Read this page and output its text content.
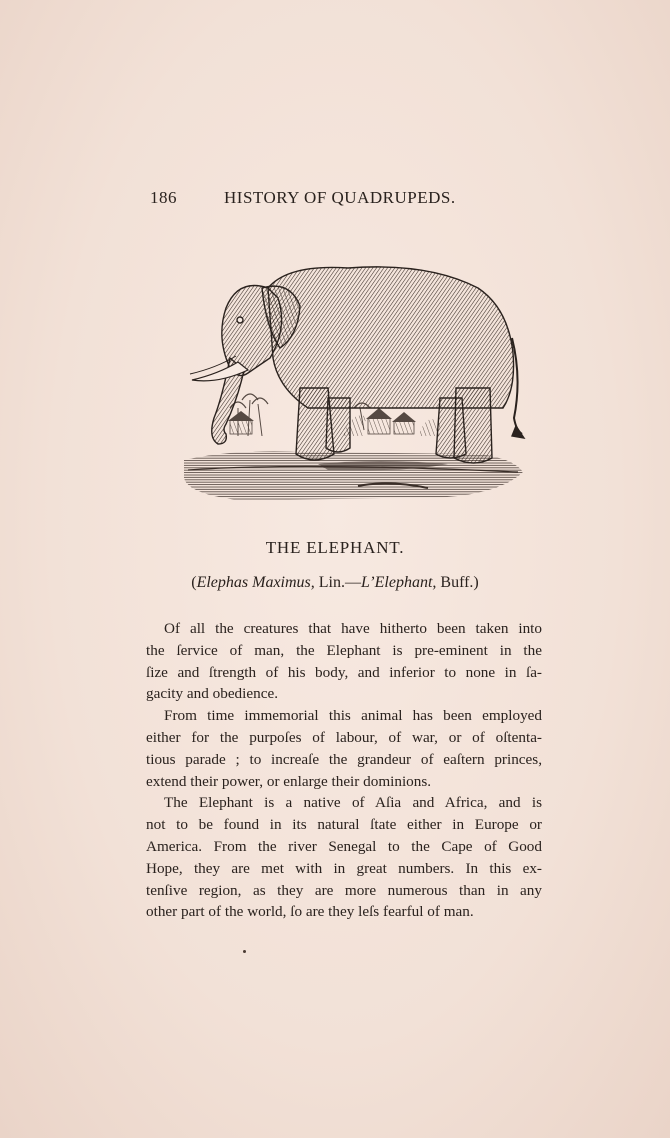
186	HISTORY OF QUADRUPEDS.
THE ELEPHANT.
(Elephas Maximus, Lin.—L’Elephant, Buff.)

Of all the creatures that have hitherto been taken into
the ſervice of man, the Elephant is pre-eminent in the
ſize and ſtrength of his body, and inferior to none in ſa-
gacity and obedience.

From time immemorial this animal has been employed
either for the purpoſes of labour, of war, or of oſtenta-
tious parade ; to increaſe the grandeur of eaſtern princes,
extend their power, or enlarge their dominions.

The Elephant is a native of Aſia and Africa, and is
not to be found in its natural ſtate either in Europe or
America. From the river Senegal to the Cape of Good
Hope, they are met with in great numbers. In this ex-
tenſive region, as they are more numerous than in any
other part of the world, ſo are they leſs fearful of man.
